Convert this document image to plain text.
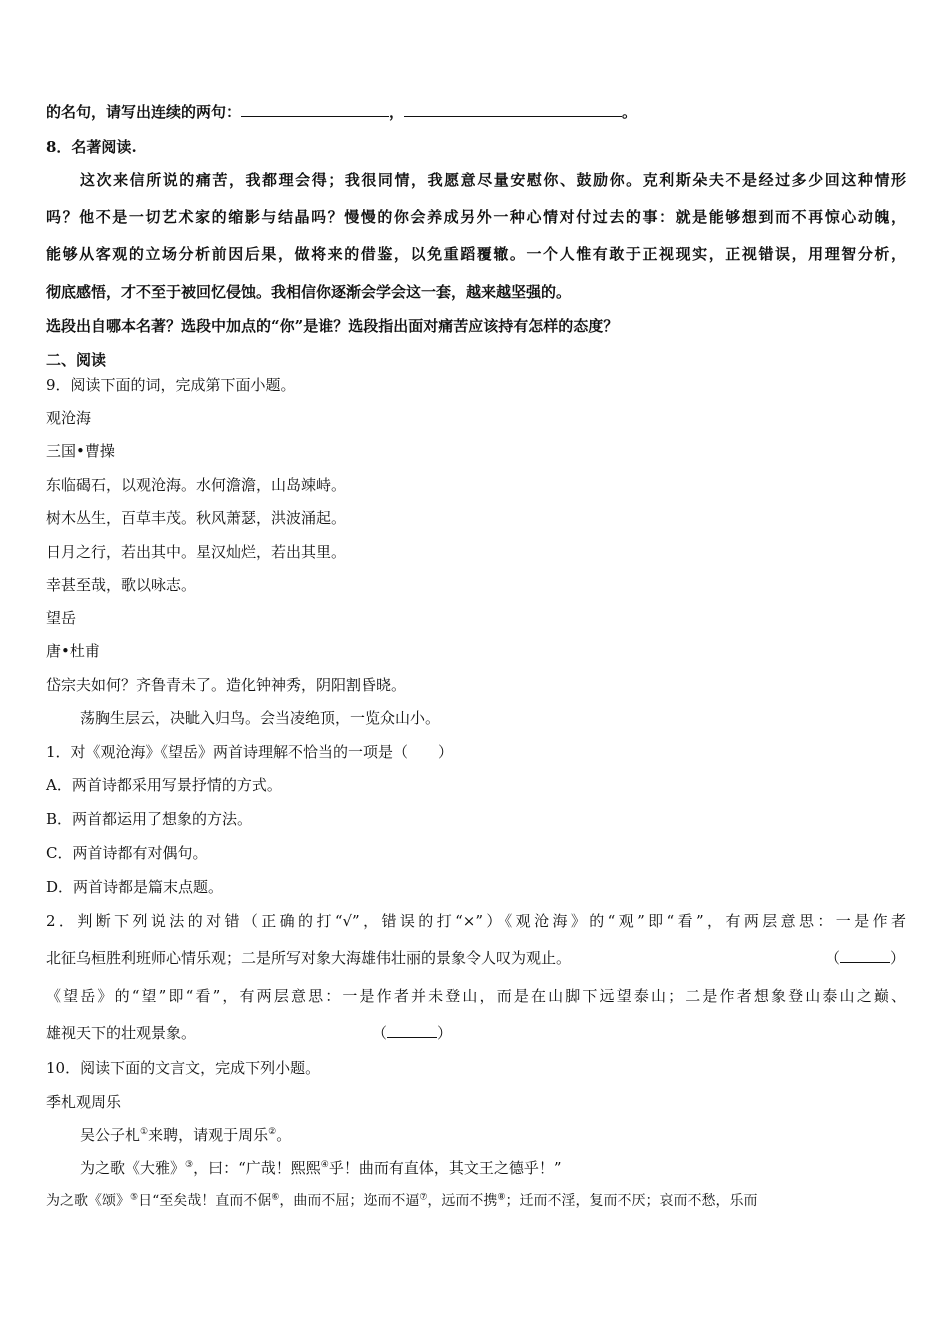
的名句，请写出连续的两句：	，	。
8．名著阅读.
这次来信所说的痛苦，我都理会得；我很同情，我愿意尽量安慰你、鼓励你。克利斯朵夫不是经过多少回这种情形
吗？他不是一切艺术家的缩影与结晶吗？慢慢的你会养成另外一种心情对付过去的事：就是能够想到而不再惊心动魄，
能够从客观的立场分析前因后果，做将来的借鉴，以免重蹈覆辙。一个人惟有敢于正视现实，正视错误，用理智分析，
彻底感悟，才不至于被回忆侵蚀。我相信你逐渐会学会这一套，越来越坚强的。
选段出自哪本名著？选段中加点的“你”是谁？选段指出面对痛苦应该持有怎样的态度？
二、阅读
9．阅读下面的词，完成第下面小题。
观沧海
三国•曹操
东临碣石，以观沧海。水何澹澹，山岛竦峙。
树木丛生，百草丰茂。秋风萧瑟，洪波涌起。
日月之行，若出其中。星汉灿烂，若出其里。
幸甚至哉，歌以咏志。
望岳
唐•杜甫
岱宗夫如何？齐鲁青未了。造化钟神秀，阴阳割昏晓。
荡胸生层云，决眦入归鸟。会当凌绝顶，一览众山小。
1．对《观沧海》《望岳》两首诗理解不恰当的一项是（　　）
A．两首诗都采用写景抒情的方式。
B．两首都运用了想象的方法。
C．两首诗都有对偶句。
D．两首诗都是篇末点题。
2．判断下列说法的对错（正确的打“√”，错误的打“×”）《观沧海》的“观”即“看”，有两层意思：一是作者
北征乌桓胜利班师心情乐观；二是所写对象大海雄伟壮丽的景象令人叹为观止。	（	）
《望岳》的“望”即“看”，有两层意思：一是作者并未登山，而是在山脚下远望泰山；二是作者想象登山泰山之巅、
雄视天下的壮观景象。	（	）
10．阅读下面的文言文，完成下列小题。
季札观周乐
吴公子札①来聘，请观于周乐②。
为之歌《大雅》③，曰：“广哉！熙熙④乎！曲而有直体，其文王之德乎！”
为之歌《颂》⑤日“至矣哉！直而不倨⑥，曲而不屈；迩而不逼⑦，远而不携⑧；迁而不淫，复而不厌；哀而不愁，乐而
